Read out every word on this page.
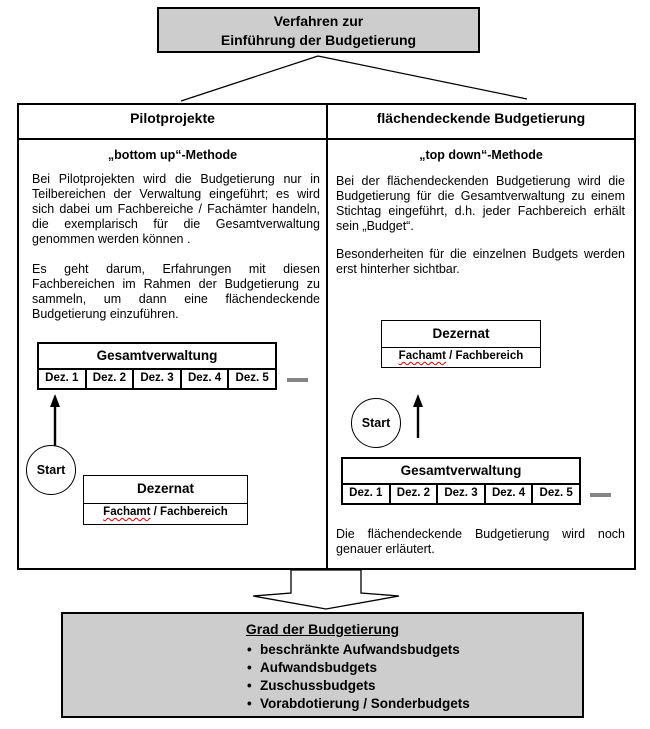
Verfahren zur
Einführung der Budgetierung
Pilotprojekte
„bottom up“-Methode
Bei Pilotprojekten wird die Budgetierung nur in Teilbereichen der Verwaltung eingeführt; es wird sich dabei um Fachbereiche / Fachämter handeln, die exemplarisch für die Gesamtverwaltung genommen werden können .
Es geht darum, Erfahrungen mit diesen Fachbereichen im Rahmen der Budgetierung zu sammeln, um dann eine flächendeckende Budgetierung einzuführen.
Gesamtverwaltung
Dez. 1	Dez. 2	Dez. 3	Dez. 4	Dez. 5
Start
Dezernat
Fachamt / Fachbereich
flächendeckende Budgetierung
„top down“-Methode
Bei der flächendeckenden Budgetierung wird die Budgetierung für die Gesamtverwaltung zu einem Stichtag eingeführt, d.h. jeder Fachbereich erhält sein „Budget“.
Besonderheiten für die einzelnen Budgets werden erst hinterher sichtbar.
Dezernat
Fachamt / Fachbereich
Start
Gesamtverwaltung
Dez. 1	Dez. 2	Dez. 3	Dez. 4	Dez. 5
Die flächendeckende Budgetierung wird noch genauer erläutert.
Grad der Budgetierung
• beschränkte Aufwandsbudgets
• Aufwandsbudgets
• Zuschussbudgets
• Vorabdotierung / Sonderbudgets
